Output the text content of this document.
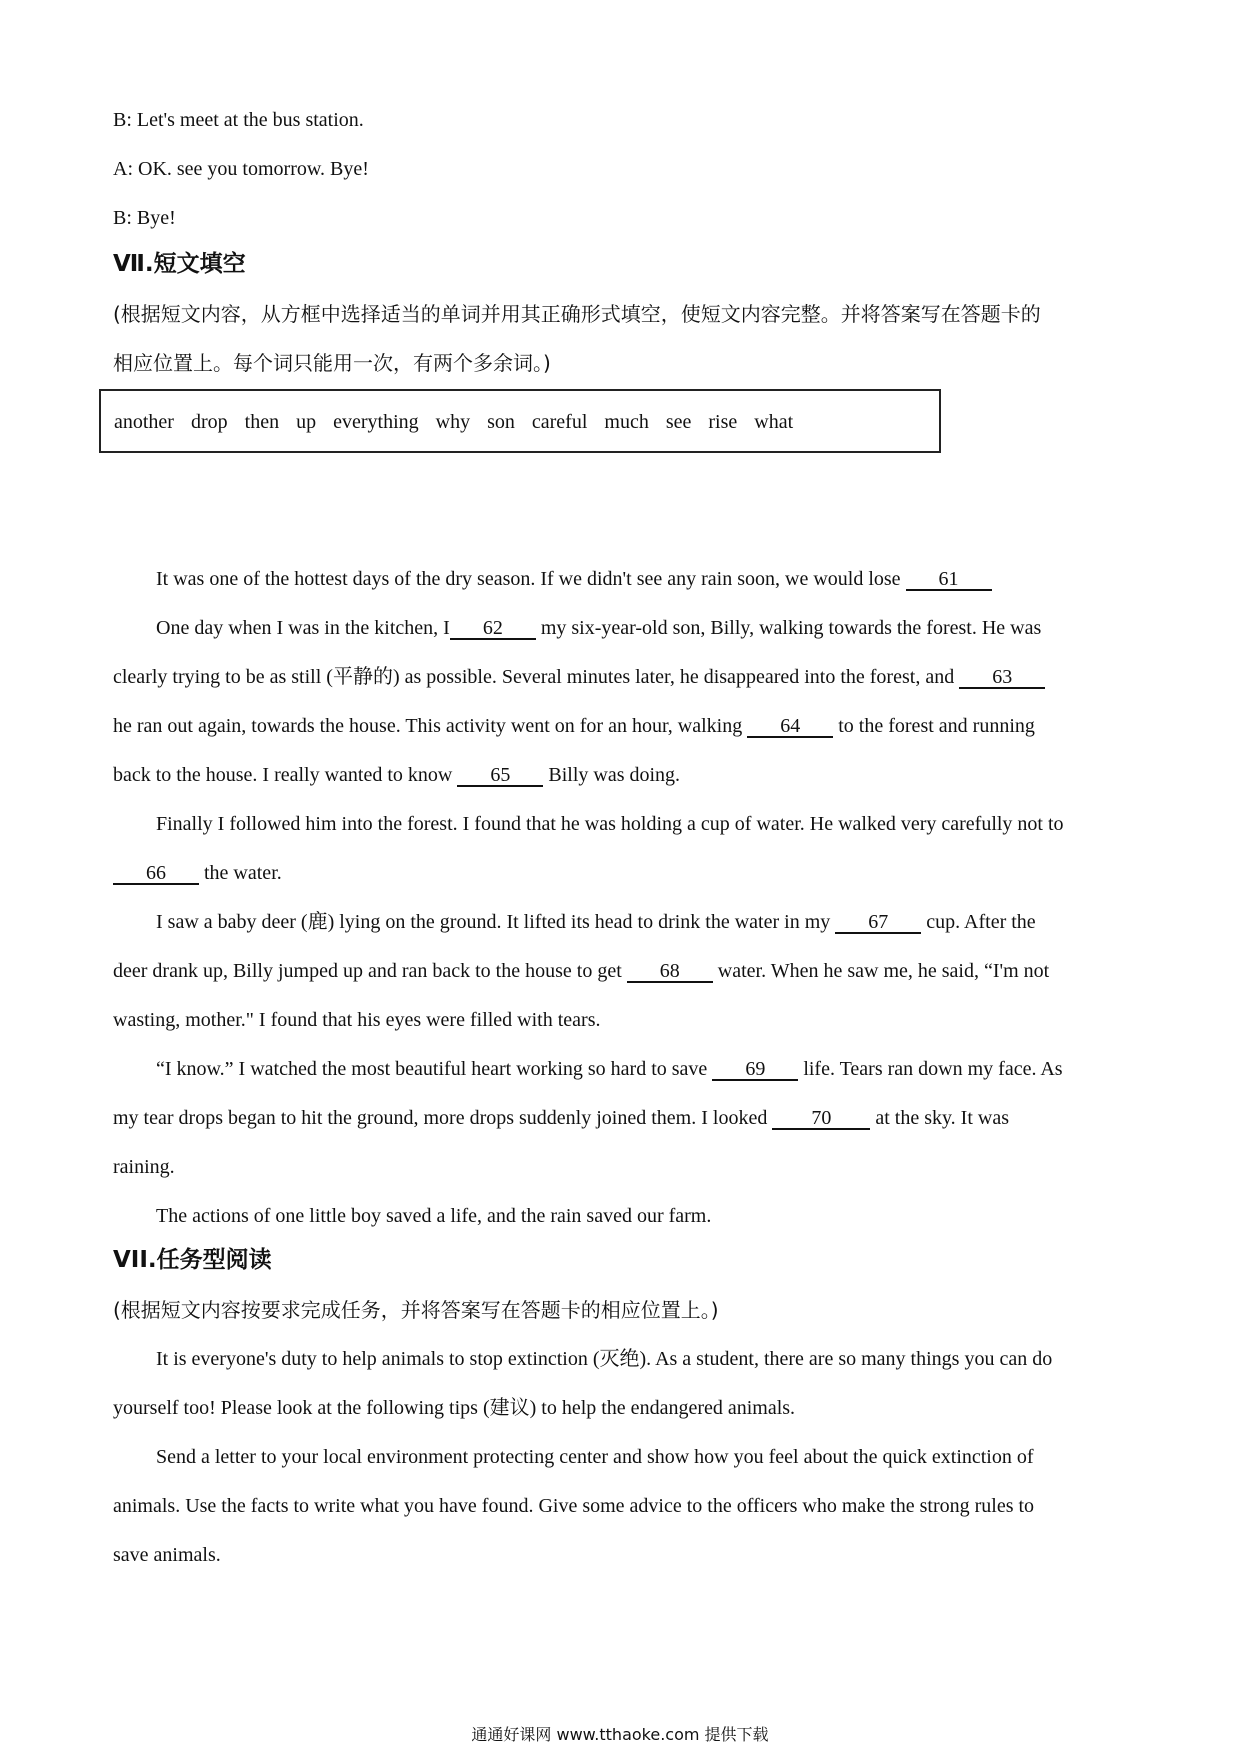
B: Let's meet at the bus station.
A: OK. see you tomorrow. Bye!
B: Bye!
Ⅶ.短文填空
(根据短文内容，从方框中选择适当的单词并用其正确形式填空，使短文内容完整。并将答案写在答题卡的
相应位置上。每个词只能用一次，有两个多余词。)
another drop then up everything why son careful much see rise what
It was one of the hottest days of the dry season. If we didn't see any rain soon, we would lose 61
One day when I was in the kitchen, I 62 my six-year-old son, Billy, walking towards the forest. He was
clearly trying to be as still (平静的) as possible. Several minutes later, he disappeared into the forest, and 63
he ran out again, towards the house. This activity went on for an hour, walking 64 to the forest and running
back to the house. I really wanted to know 65 Billy was doing.
Finally I followed him into the forest. I found that he was holding a cup of water. He walked very carefully not to
66 the water.
I saw a baby deer (鹿) lying on the ground. It lifted its head to drink the water in my 67 cup. After the
deer drank up, Billy jumped up and ran back to the house to get 68 water. When he saw me, he said, “I'm not
wasting, mother." I found that his eyes were filled with tears.
“I know.” I watched the most beautiful heart working so hard to save 69 life. Tears ran down my face. As
my tear drops began to hit the ground, more drops suddenly joined them. I looked 70 at the sky. It was
raining.
The actions of one little boy saved a life, and the rain saved our farm.
VII.任务型阅读
(根据短文内容按要求完成任务，并将答案写在答题卡的相应位置上。)
It is everyone's duty to help animals to stop extinction (灭绝). As a student, there are so many things you can do
yourself too! Please look at the following tips (建议) to help the endangered animals.
Send a letter to your local environment protecting center and show how you feel about the quick extinction of
animals. Use the facts to write what you have found. Give some advice to the officers who make the strong rules to
save animals.
通通好课网 www.tthaoke.com 提供下载
